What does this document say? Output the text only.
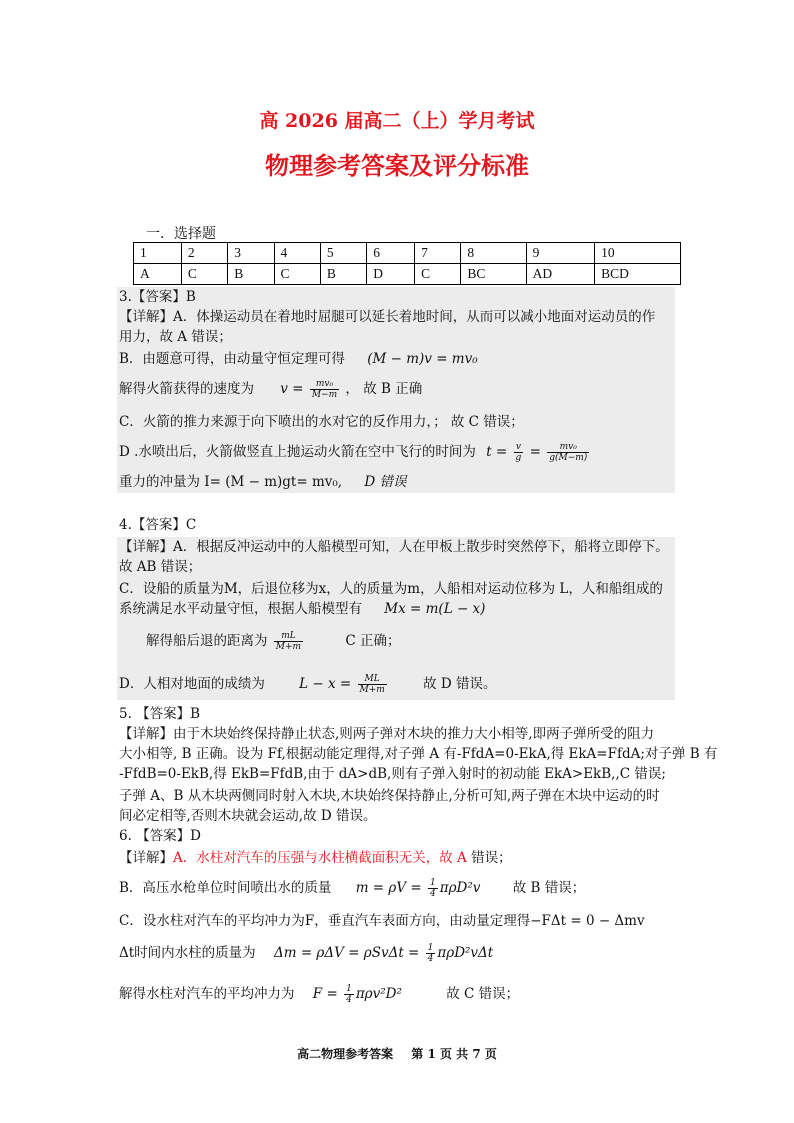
高 2026 届高二（上）学月考试
物理参考答案及评分标准
一．选择题
1	2	3	4	5	6	7	8	9	10
A	C	B	C	B	D	C	BC	AD	BCD
3.【答案】B
【详解】A．体操运动员在着地时屈腿可以延长着地时间，从而可以减小地面对运动员的作
用力，故 A 错误；
B．由题意可得，由动量守恒定理可得 (M − m)v = mv₀
解得火箭获得的速度为 $v = \frac{\text{mv₀}}{M-m}$ ， 故 B 正确
C．火箭的推力来源于向下喷出的水对它的反作用力，； 故 C 错误；
D .水喷出后，火箭做竖直上抛运动火箭在空中飞行的时间为 $t = \frac{v}{g} = \frac{\text{mv₀}}{g(M-m)}$
重力的冲量为 I= (M − m)gt= mv₀, D 错误
4.【答案】C
【详解】A．根据反冲运动中的人船模型可知，人在甲板上散步时突然停下，船将立即停下。
故 AB 错误；
C．设船的质量为M，后退位移为x，人的质量为m，人船相对运动位移为 L，人和船组成的
系统满足水平动量守恒，根据人船模型有 Mx = m(L − x)
解得船后退的距离为 $\frac{mL}{M+m}$	C 正确；
D．人相对地面的成绩为	$L - x = \frac{ML}{M+m}$	故 D 错误。
5. 【答案】B
【详解】由于木块始终保持静止状态,则两子弹对木块的推力大小相等,即两子弹所受的阻力
大小相等, B 正确。设为 Ff,根据动能定理得,对子弹 A 有-FfdA=0-EkA,得 EkA=FfdA;对子弹 B 有
-FfdB=0-EkB,得 EkB=FfdB,由于 dA>dB,则有子弹入射时的初动能 EkA>EkB,,C 错误;
子弹 A、B 从木块两侧同时射入木块,木块始终保持静止,分析可知,两子弹在木块中运动的时
间必定相等,否则木块就会运动,故 D 错误。
6. 【答案】D
【详解】A．水柱对汽车的压强与水柱横截面积无关，故 A 错误；
B．高压水枪单位时间喷出水的质量 $m = \rho V = \frac{1}{4} \pi\rho D^2v$ 故 B 错误；
C．设水柱对汽车的平均冲力为F，垂直汽车表面方向，由动量定理得−FΔt = 0 − Δmv
Δt时间内水柱的质量为 $\Delta m = \rho\Delta V = \rho Sv\Delta t = \frac{1}{4} \pi\rho D^2v\Delta t$
解得水柱对汽车的平均冲力为 $F = \frac{1}{4} \pi\rho v^2D^2$	故 C 错误；
高二物理参考答案 第 1 页 共 7 页
